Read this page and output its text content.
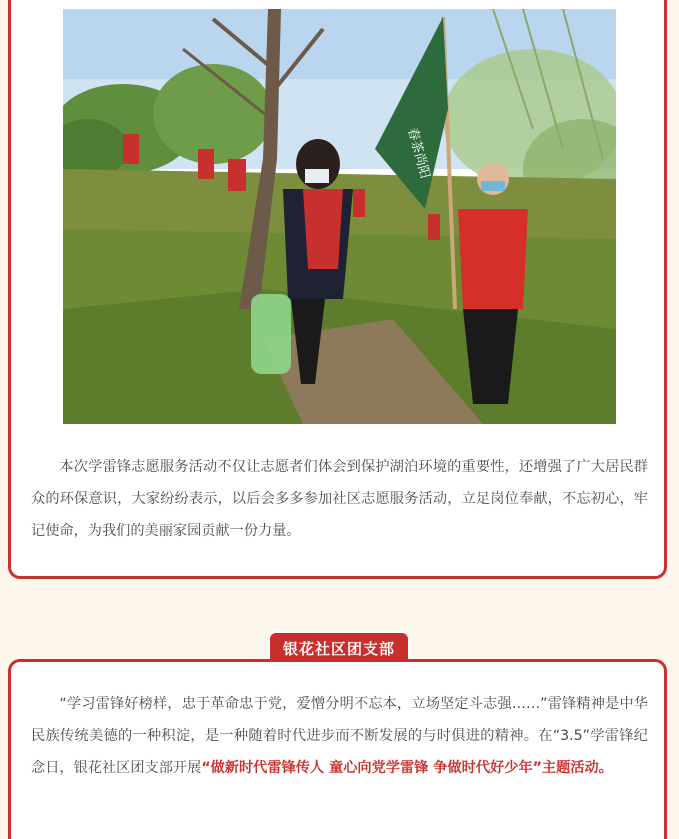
春茶尚阳

本次学雷锋志愿服务活动不仅让志愿者们体会到保护湖泊环境的重要性，还增强了广大居民群众的环保意识，大家纷纷表示，以后会多多参加社区志愿服务活动，立足岗位奉献，不忘初心，牢记使命，为我们的美丽家园贡献一份力量。

银花社区团支部

“学习雷锋好榜样，忠于革命忠于党，爱憎分明不忘本，立场坚定斗志强……”雷锋精神是中华民族传统美德的一种积淀，是一种随着时代进步而不断发展的与时俱进的精神。在“3.5”学雷锋纪念日，银花社区团支部开展“做新时代雷锋传人 童心向党学雷锋 争做时代好少年”主题活动。
